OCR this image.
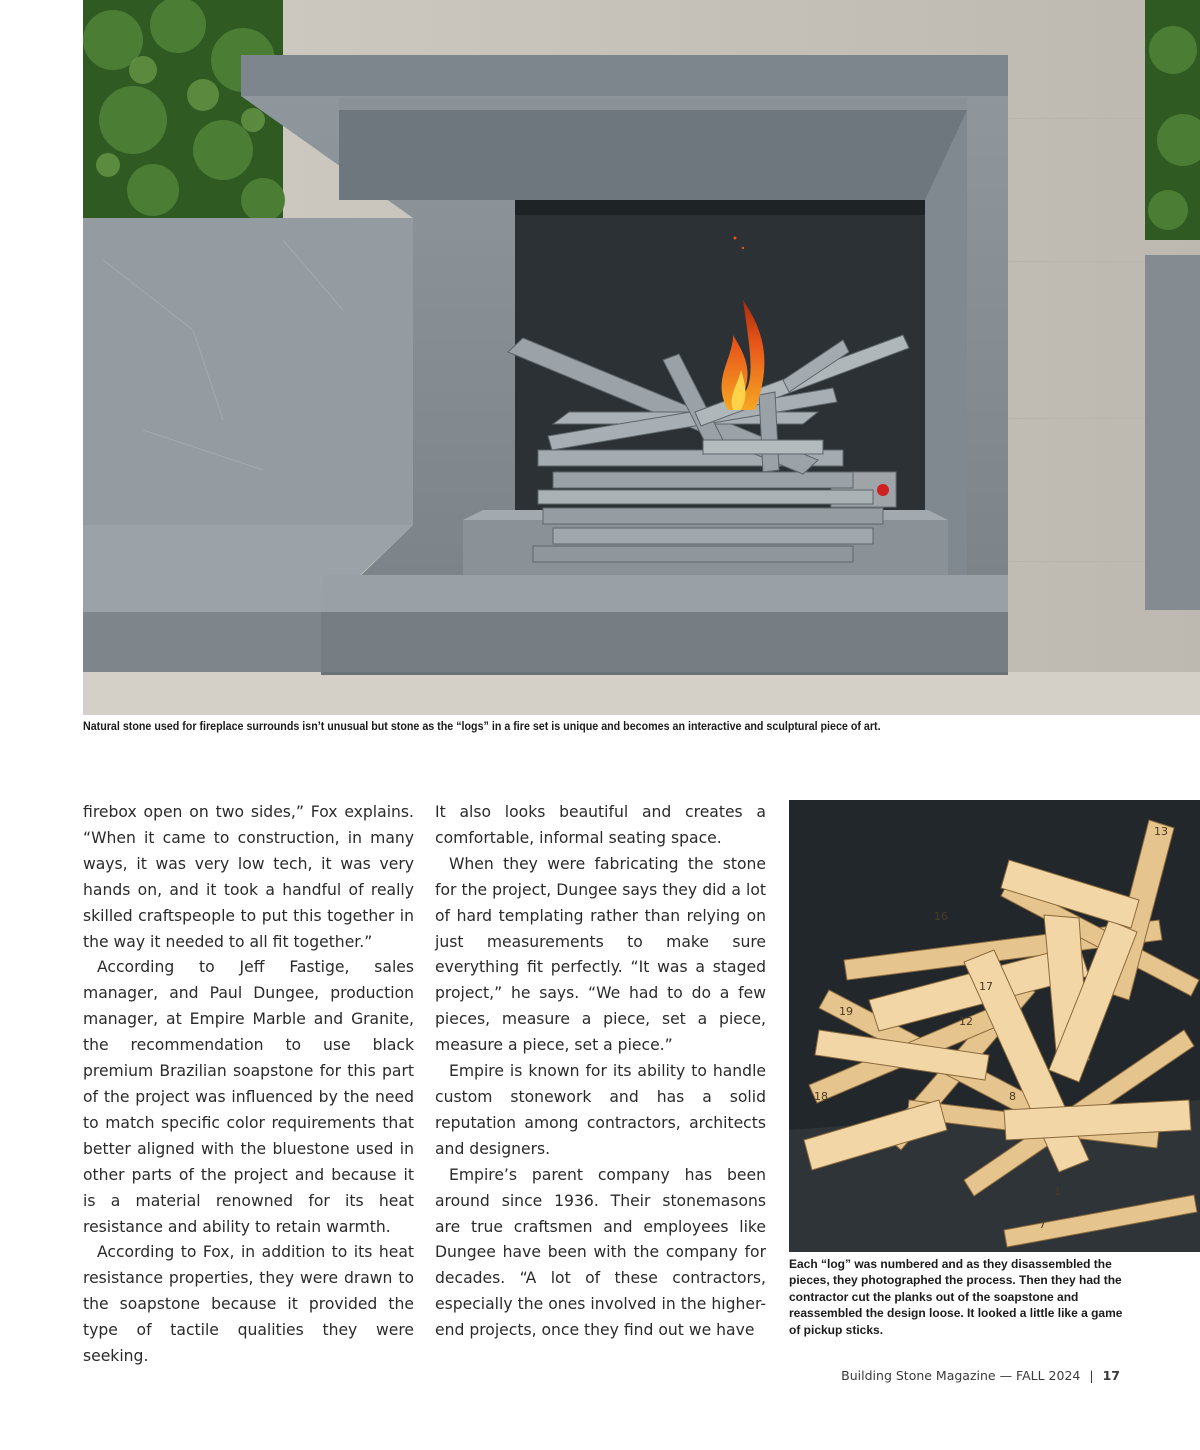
Natural stone used for fireplace surrounds isn’t unusual but stone as the “logs” in a fire set is unique and becomes an interactive and sculptural piece of art.

firebox open on two sides,” Fox explains. “When it came to construction, in many ways, it was very low tech, it was very hands on, and it took a handful of really skilled craftspeople to put this together in the way it needed to all fit together.”

According to Jeff Fastige, sales manager, and Paul Dungee, production manager, at Empire Marble and Granite, the recommendation to use black premium Brazilian soapstone for this part of the project was influenced by the need to match specific color requirements that better aligned with the bluestone used in other parts of the project and because it is a material renowned for its heat resistance and ability to retain warmth.

According to Fox, in addition to its heat resistance properties, they were drawn to the soapstone because it provided the type of tactile qualities they were seeking.

It also looks beautiful and creates a comfortable, informal seating space.

When they were fabricating the stone for the project, Dungee says they did a lot of hard templating rather than relying on just measurements to make sure everything fit perfectly. “It was a staged project,” he says. “We had to do a few pieces, measure a piece, set a piece, measure a piece, set a piece.”

Empire is known for its ability to handle custom stonework and has a solid reputation among contractors, architects and designers.

Empire’s parent company has been around since 1936. Their stonemasons are true craftsmen and employees like Dungee have been with the company for decades. “A lot of these contractors, especially the ones involved in the higher-end projects, once they find out we have

13
16
17
12
18
19
8
1
7
Each “log” was numbered and as they disassembled the pieces, they photographed the process. Then they had the contractor cut the planks out of the soapstone and reassembled the design loose. It looked a little like a game of pickup sticks.
Building Stone Magazine — FALL 2024 | 17
